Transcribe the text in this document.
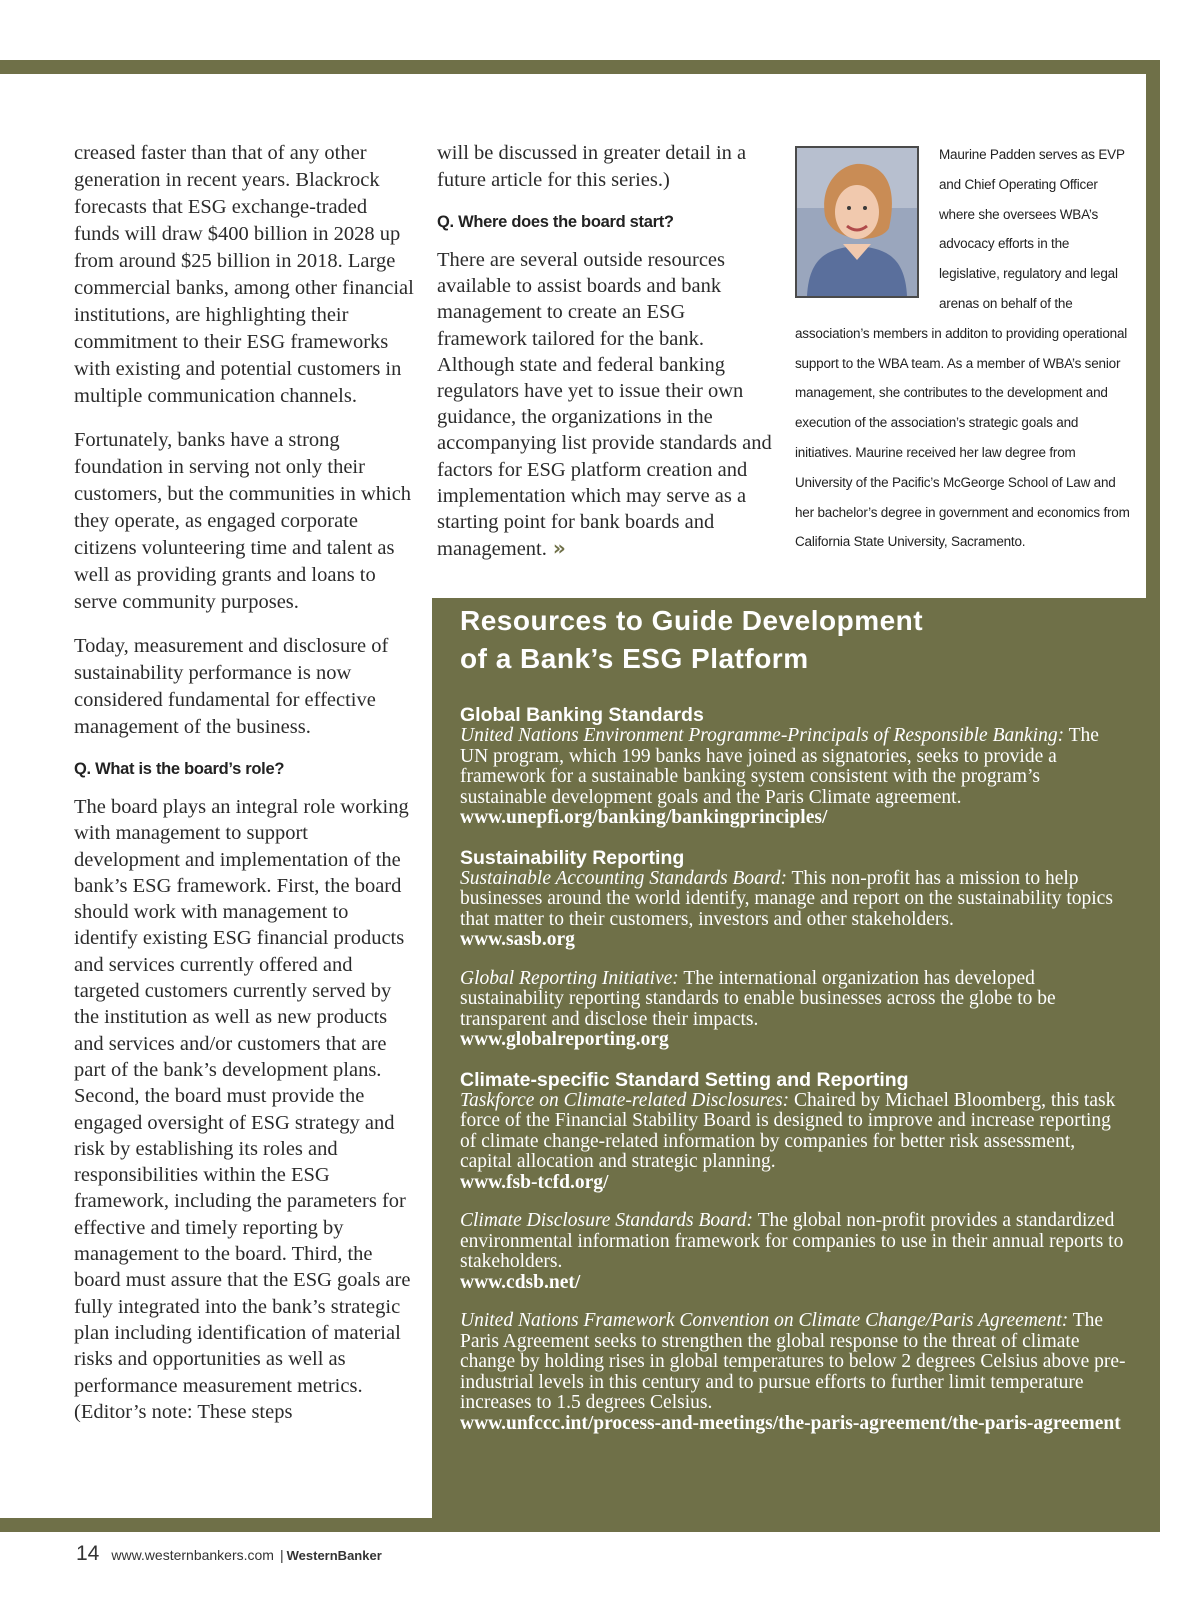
creased faster than that of any other generation in recent years. Blackrock forecasts that ESG exchange-traded funds will draw $400 billion in 2028 up from around $25 billion in 2018. Large commercial banks, among other financial institutions, are highlighting their commitment to their ESG frameworks with existing and potential customers in multiple communication channels.

Fortunately, banks have a strong foundation in serving not only their customers, but the communities in which they operate, as engaged corporate citizens volunteering time and talent as well as providing grants and loans to serve community purposes.

Today, measurement and disclosure of sustainability performance is now considered fundamental for effective management of the business.

Q. What is the board’s role?

The board plays an integral role working with management to support development and implementation of the bank’s ESG framework. First, the board should work with management to identify existing ESG financial products and services currently offered and targeted customers currently served by the institution as well as new products and services and/or customers that are part of the bank’s development plans. Second, the board must provide the engaged oversight of ESG strategy and risk by establishing its roles and responsibilities within the ESG framework, including the parameters for effective and timely reporting by management to the board. Third, the board must assure that the ESG goals are fully integrated into the bank’s strategic plan including identification of material risks and opportunities as well as performance measurement metrics. (Editor’s note: These steps

will be discussed in greater detail in a future article for this series.)

Q. Where does the board start?

There are several outside resources available to assist boards and bank management to create an ESG framework tailored for the bank. Although state and federal banking regulators have yet to issue their own guidance, the organizations in the accompanying list provide standards and factors for ESG platform creation and implementation which may serve as a starting point for bank boards and management. »

Maurine Padden serves as EVP and Chief Operating Officer where she oversees WBA’s advocacy efforts in the legislative, regulatory and legal arenas on behalf of the association’s members in additon to providing operational support to the WBA team. As a member of WBA’s senior management, she contributes to the development and execution of the association’s strategic goals and initiatives. Maurine received her law degree from University of the Pacific’s McGeorge School of Law and her bachelor’s degree in government and economics from California State University, Sacramento.
Resources to Guide Development
of a Bank’s ESG Platform
Global Banking Standards
United Nations Environment Programme-Principals of Responsible Banking: The UN program, which 199 banks have joined as signatories, seeks to provide a framework for a sustainable banking system consistent with the program’s sustainable development goals and the Paris Climate agreement.
www.unepfi.org/banking/bankingprinciples/
Sustainability Reporting
Sustainable Accounting Standards Board: This non-profit has a mission to help businesses around the world identify, manage and report on the sustainability topics that matter to their customers, investors and other stakeholders.
www.sasb.org
Global Reporting Initiative: The international organization has developed sustainability reporting standards to enable businesses across the globe to be transparent and disclose their impacts.
www.globalreporting.org
Climate-specific Standard Setting and Reporting
Taskforce on Climate-related Disclosures: Chaired by Michael Bloomberg, this task force of the Financial Stability Board is designed to improve and increase reporting of climate change-related information by companies for better risk assessment, capital allocation and strategic planning.
www.fsb-tcfd.org/
Climate Disclosure Standards Board: The global non-profit provides a standardized environmental information framework for companies to use in their annual reports to stakeholders.
www.cdsb.net/
United Nations Framework Convention on Climate Change/Paris Agreement: The Paris Agreement seeks to strengthen the global response to the threat of climate change by holding rises in global temperatures to below 2 degrees Celsius above pre-industrial levels in this century and to pursue efforts to further limit temperature increases to 1.5 degrees Celsius.
www.unfccc.int/process-and-meetings/the-paris-agreement/the-paris-agreement
14 www.westernbankers.com | WesternBanker
